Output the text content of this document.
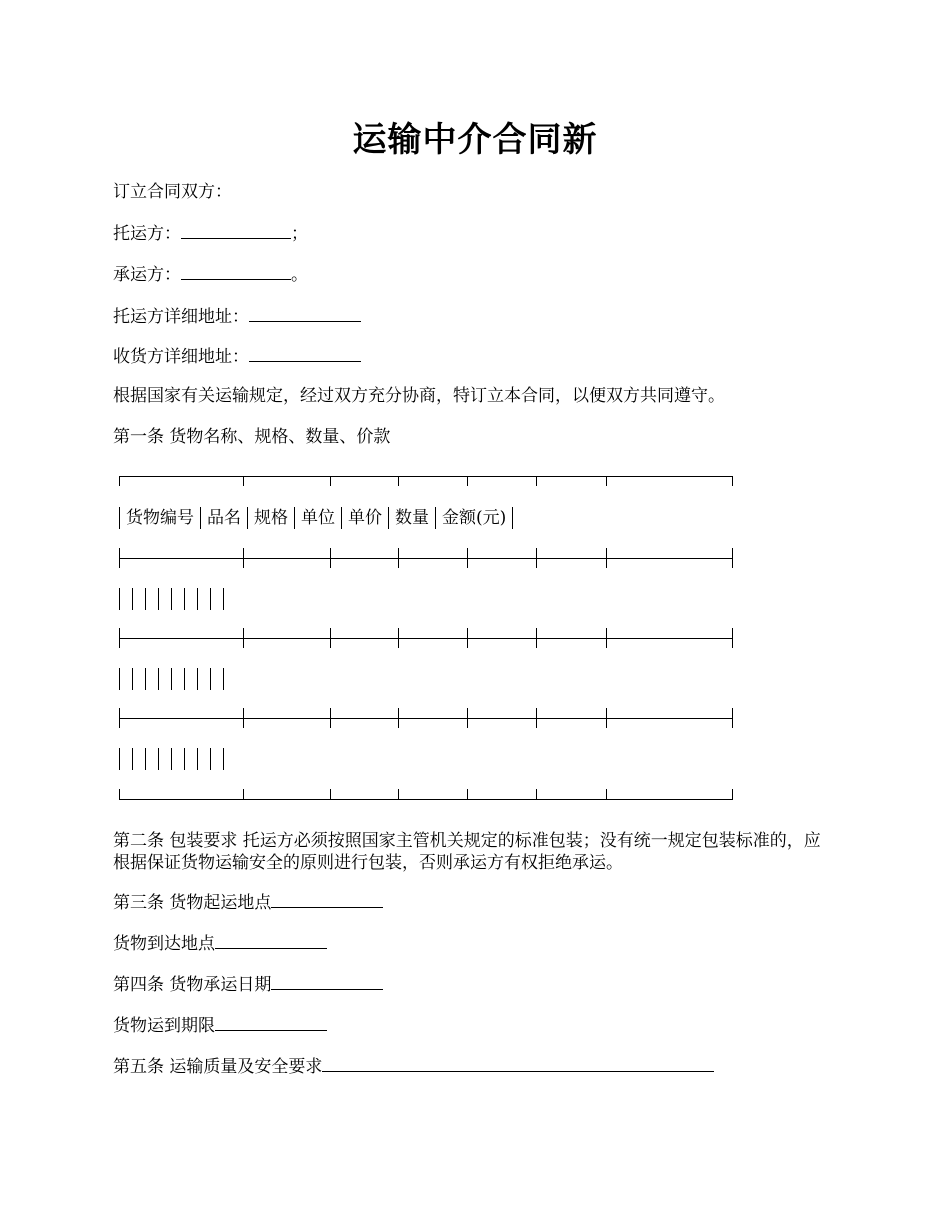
运输中介合同新
订立合同双方：
托运方：	；
承运方：	。
托运方详细地址：
收货方详细地址：
根据国家有关运输规定，经过双方充分协商，特订立本合同，以便双方共同遵守。
第一条 货物名称、规格、数量、价款
货物编号 品名 规格 单位 单价 数量 金额(元)
第二条 包装要求 托运方必须按照国家主管机关规定的标准包装；没有统一规定包装标准的，应根据保证货物运输安全的原则进行包装，否则承运方有权拒绝承运。
第三条 货物起运地点
货物到达地点
第四条 货物承运日期
货物运到期限
第五条 运输质量及安全要求
